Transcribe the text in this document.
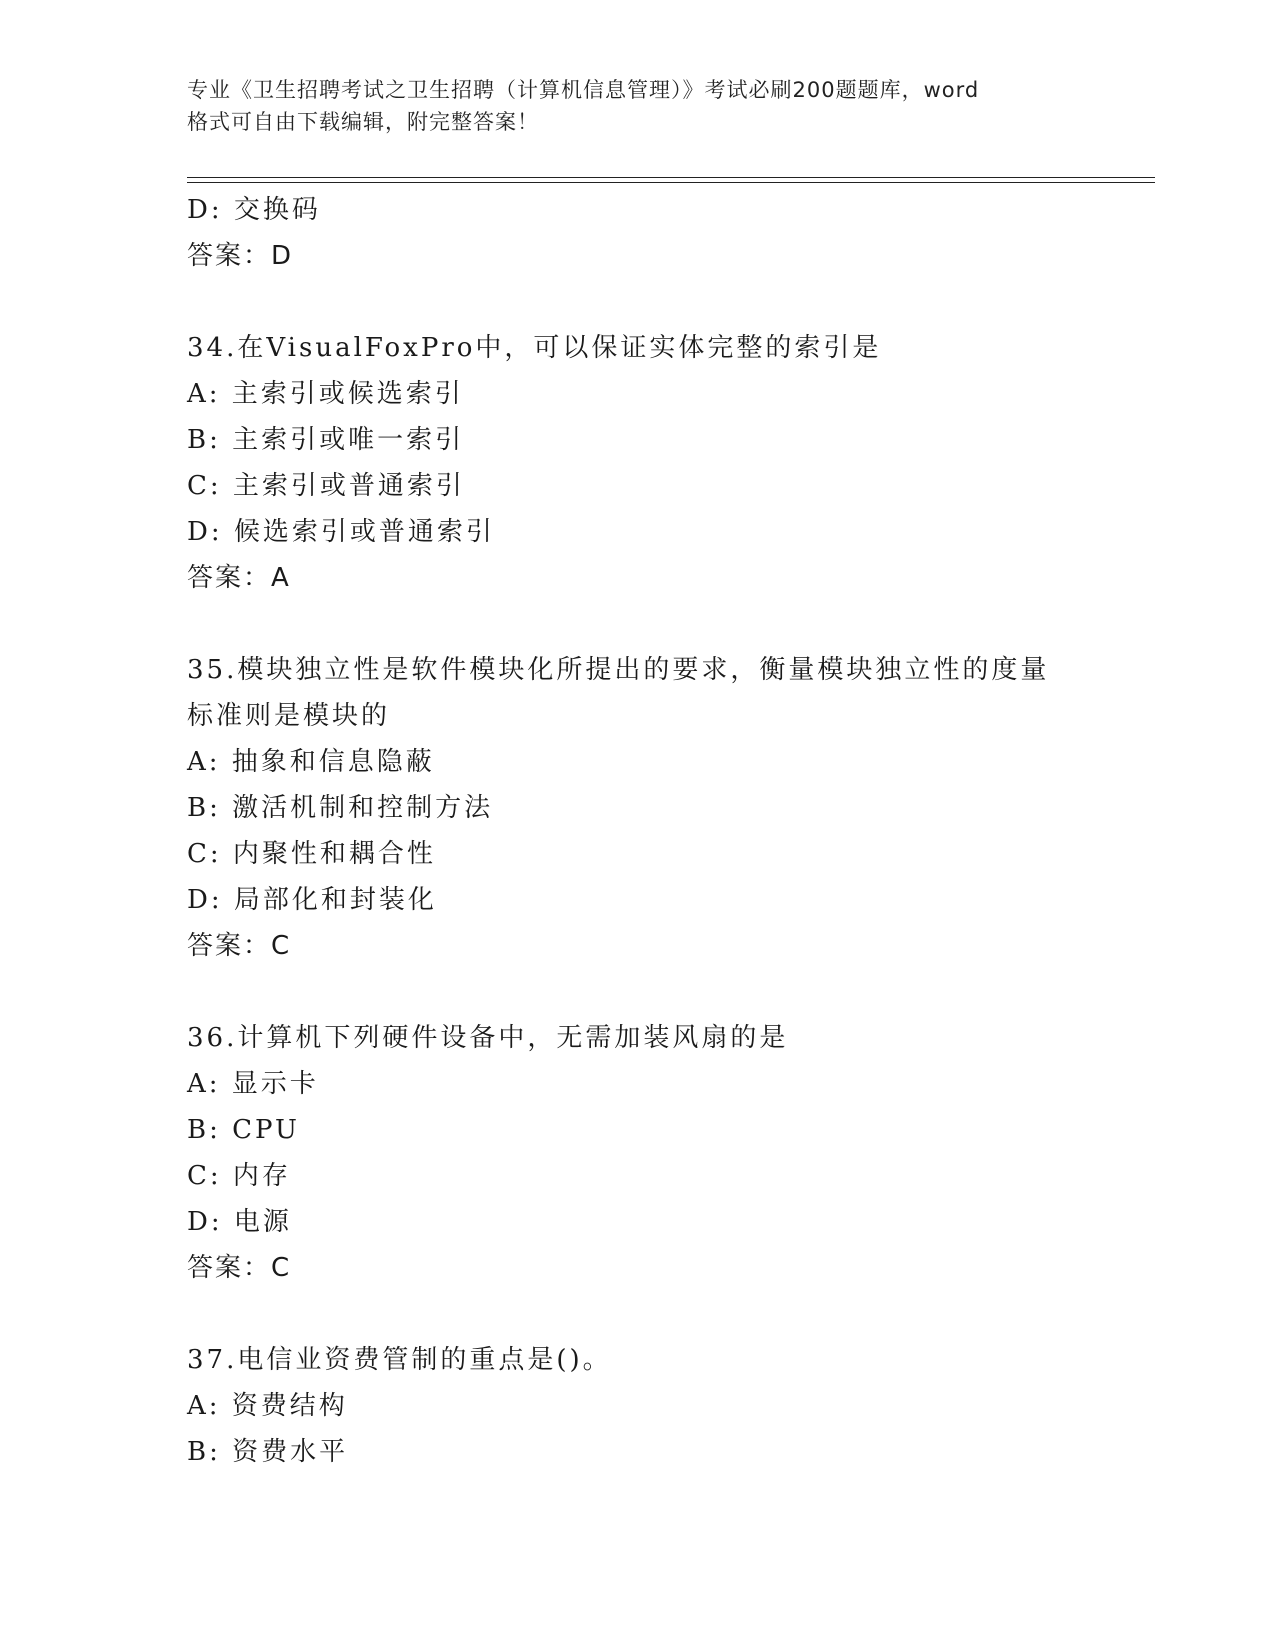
专业《卫生招聘考试之卫生招聘（计算机信息管理）》考试必刷200题题库，word
格式可自由下载编辑，附完整答案！
D: 交换码
答案：D
34.在VisualFoxPro中，可以保证实体完整的索引是
A: 主索引或候选索引
B: 主索引或唯一索引
C: 主索引或普通索引
D: 候选索引或普通索引
答案：A
35.模块独立性是软件模块化所提出的要求，衡量模块独立性的度量标准则是模块的
A: 抽象和信息隐蔽
B: 激活机制和控制方法
C: 内聚性和耦合性
D: 局部化和封装化
答案：C
36.计算机下列硬件设备中，无需加装风扇的是
A: 显示卡
B: CPU
C: 内存
D: 电源
答案：C
37.电信业资费管制的重点是()。
A: 资费结构
B: 资费水平
